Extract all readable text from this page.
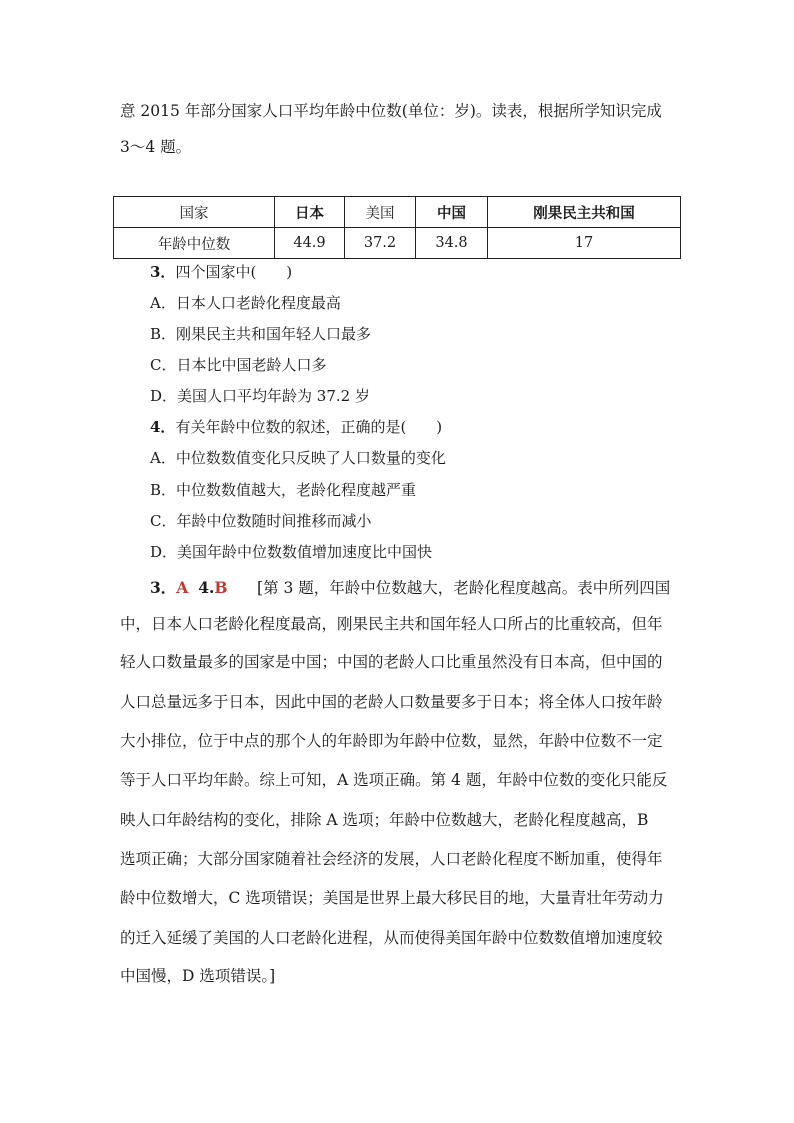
意 2015 年部分国家人口平均年龄中位数(单位：岁)。读表，根据所学知识完成
3～4 题。
国家	日本	美国	中国	刚果民主共和国
年龄中位数	44.9	37.2	34.8	17
3．四个国家中(　　)
A．日本人口老龄化程度最高
B．刚果民主共和国年轻人口最多
C．日本比中国老龄人口多
D．美国人口平均年龄为 37.2 岁
4．有关年龄中位数的叙述，正确的是(　　)
A．中位数数值变化只反映了人口数量的变化
B．中位数数值越大，老龄化程度越严重
C．年龄中位数随时间推移而减小
D．美国年龄中位数数值增加速度比中国快
3．A 4.B [第 3 题，年龄中位数越大，老龄化程度越高。表中所列四国
中，日本人口老龄化程度最高，刚果民主共和国年轻人口所占的比重较高，但年
轻人口数量最多的国家是中国；中国的老龄人口比重虽然没有日本高，但中国的
人口总量远多于日本，因此中国的老龄人口数量要多于日本；将全体人口按年龄
大小排位，位于中点的那个人的年龄即为年龄中位数，显然，年龄中位数不一定
等于人口平均年龄。综上可知，A 选项正确。第 4 题，年龄中位数的变化只能反
映人口年龄结构的变化，排除 A 选项；年龄中位数越大，老龄化程度越高，B
选项正确；大部分国家随着社会经济的发展，人口老龄化程度不断加重，使得年
龄中位数增大，C 选项错误；美国是世界上最大移民目的地，大量青壮年劳动力
的迁入延缓了美国的人口老龄化进程，从而使得美国年龄中位数数值增加速度较
中国慢，D 选项错误。]
